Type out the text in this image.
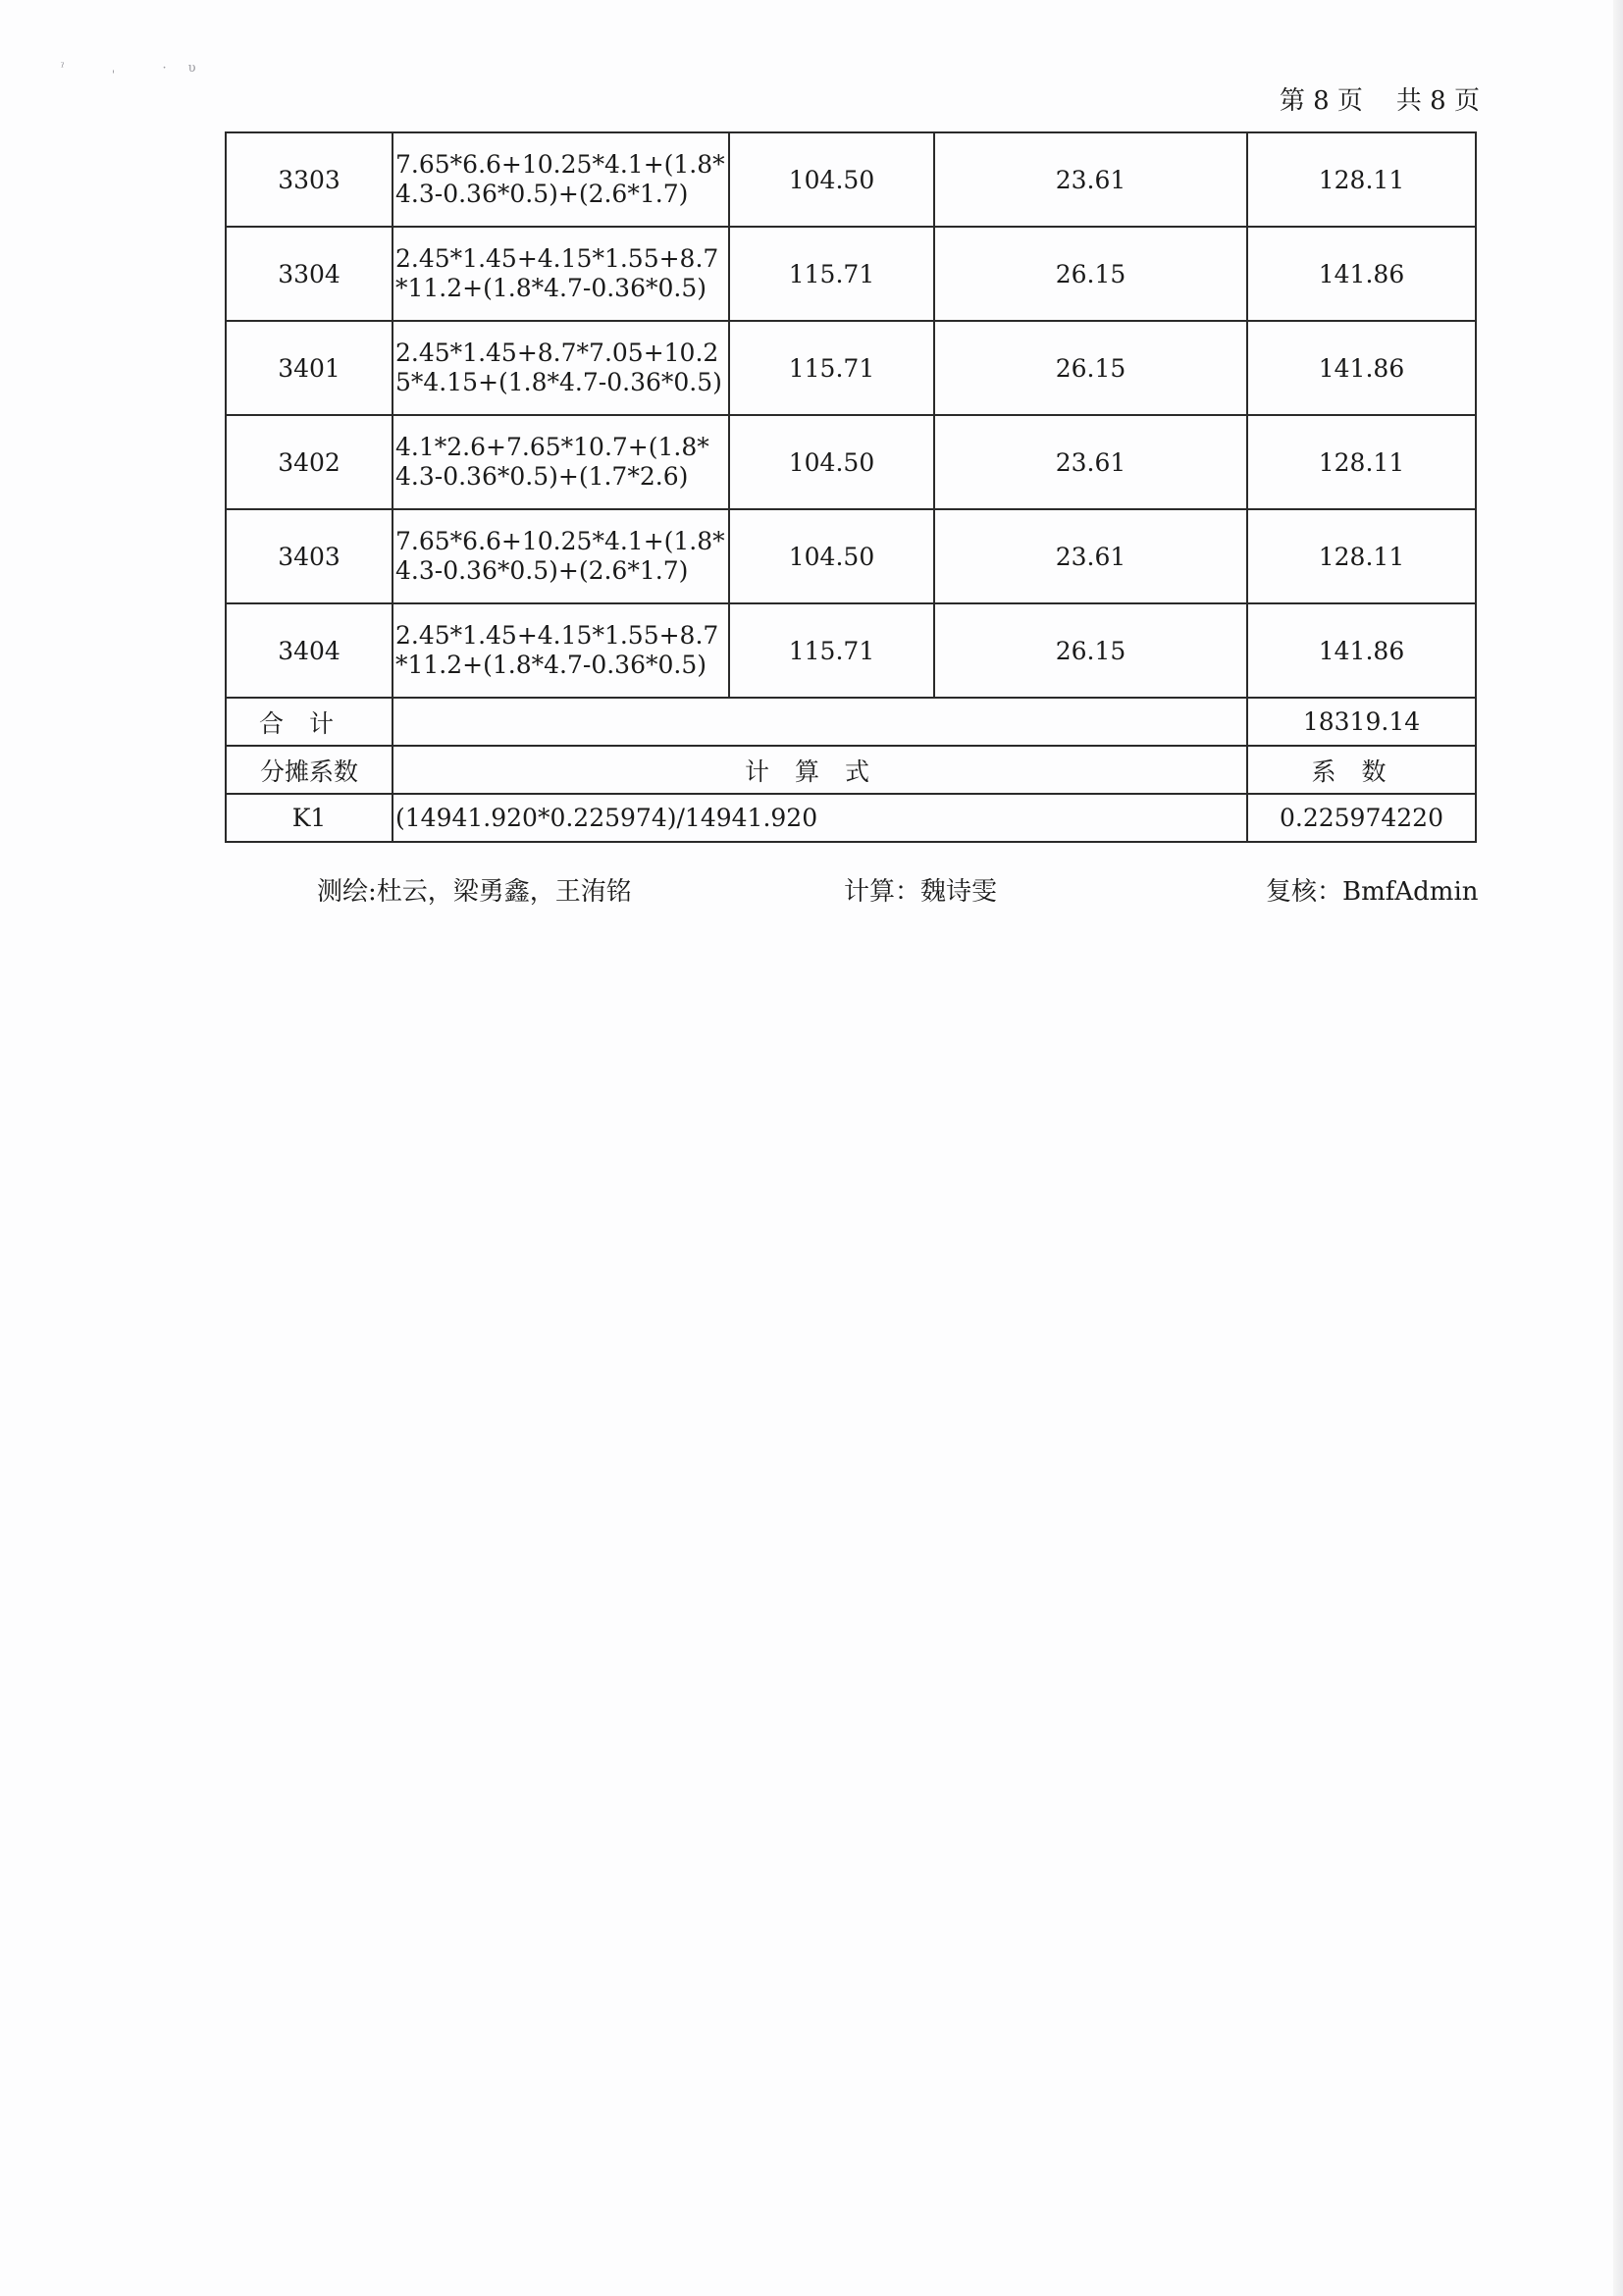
ˀ ˌ ·υ
第 8 页 共 8 页
3303	7.65*6.6+10.25*4.1+(1.8*4.3-0.36*0.5)+(2.6*1.7)	104.50	23.61	128.11
3304	2.45*1.45+4.15*1.55+8.7*11.2+(1.8*4.7-0.36*0.5)	115.71	26.15	141.86
3401	2.45*1.45+8.7*7.05+10.25*4.15+(1.8*4.7-0.36*0.5)	115.71	26.15	141.86
3402	4.1*2.6+7.65*10.7+(1.8*4.3-0.36*0.5)+(1.7*2.6)	104.50	23.61	128.11
3403	7.65*6.6+10.25*4.1+(1.8*4.3-0.36*0.5)+(2.6*1.7)	104.50	23.61	128.11
3404	2.45*1.45+4.15*1.55+8.7*11.2+(1.8*4.7-0.36*0.5)	115.71	26.15	141.86
合计				18319.14
分摊系数	计算式			系数
K1	(14941.920*0.225974)/14941.920			0.225974220
测绘:杜云，梁勇鑫，王洧铭	计算：魏诗雯	复核：BmfAdmin
